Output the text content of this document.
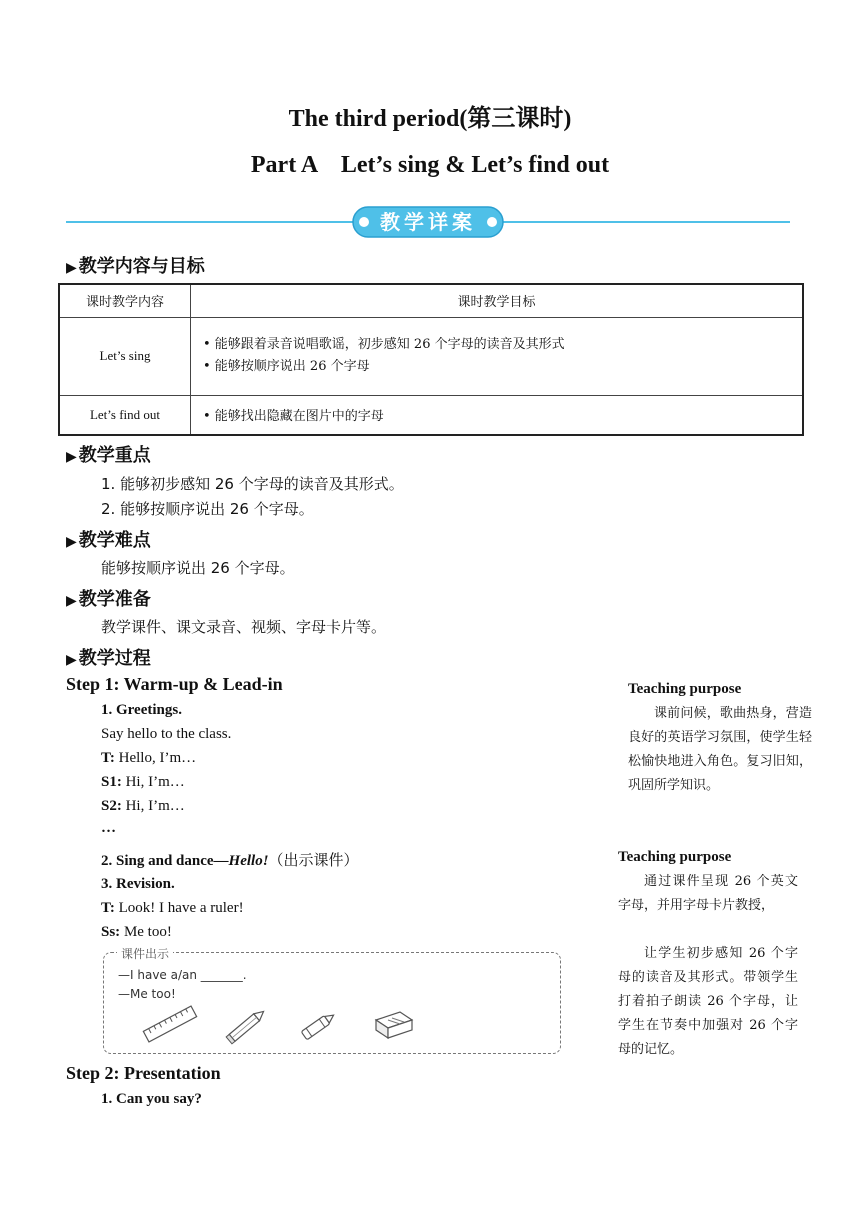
The third period(第三课时)
Part A    Let’s sing & Let’s find out
教学详案
▶ 教学内容与目标
课时教学内容	课时教学目标
Let’s sing	• 能够跟着录音说唱歌谣，初步感知 26 个字母的读音及其形式
• 能够按顺序说出 26 个字母

Let’s find out	• 能够找出隐藏在图片中的字母
▶ 教学重点
1. 能够初步感知 26 个字母的读音及其形式。
2. 能够按顺序说出 26 个字母。
▶ 教学难点
能够按顺序说出 26 个字母。
▶ 教学准备
教学课件、课文录音、视频、字母卡片等。
▶ 教学过程
Step 1: Warm-up & Lead-in
1. Greetings.
Say hello to the class.
T: Hello, I’m…
S1: Hi, I’m…
S2: Hi, I’m…
…
2. Sing and dance—Hello!（出示课件）
3. Revision.
T: Look! I have a ruler!
Ss: Me too!
课件出示
—I have a/an _______.
—Me too!
Step 2: Presentation
1. Can you say?
Teaching purpose
课前问候，歌曲热身，营造良好的英语学习氛围，使学生轻松愉快地进入角色。复习旧知，巩固所学知识。
Teaching purpose
通过课件呈现 26 个英文字母，并用字母卡片教授，
让学生初步感知 26 个字母的读音及其形式。带领学生打着拍子朗读 26 个字母，让学生在节奏中加强对 26 个字母的记忆。
